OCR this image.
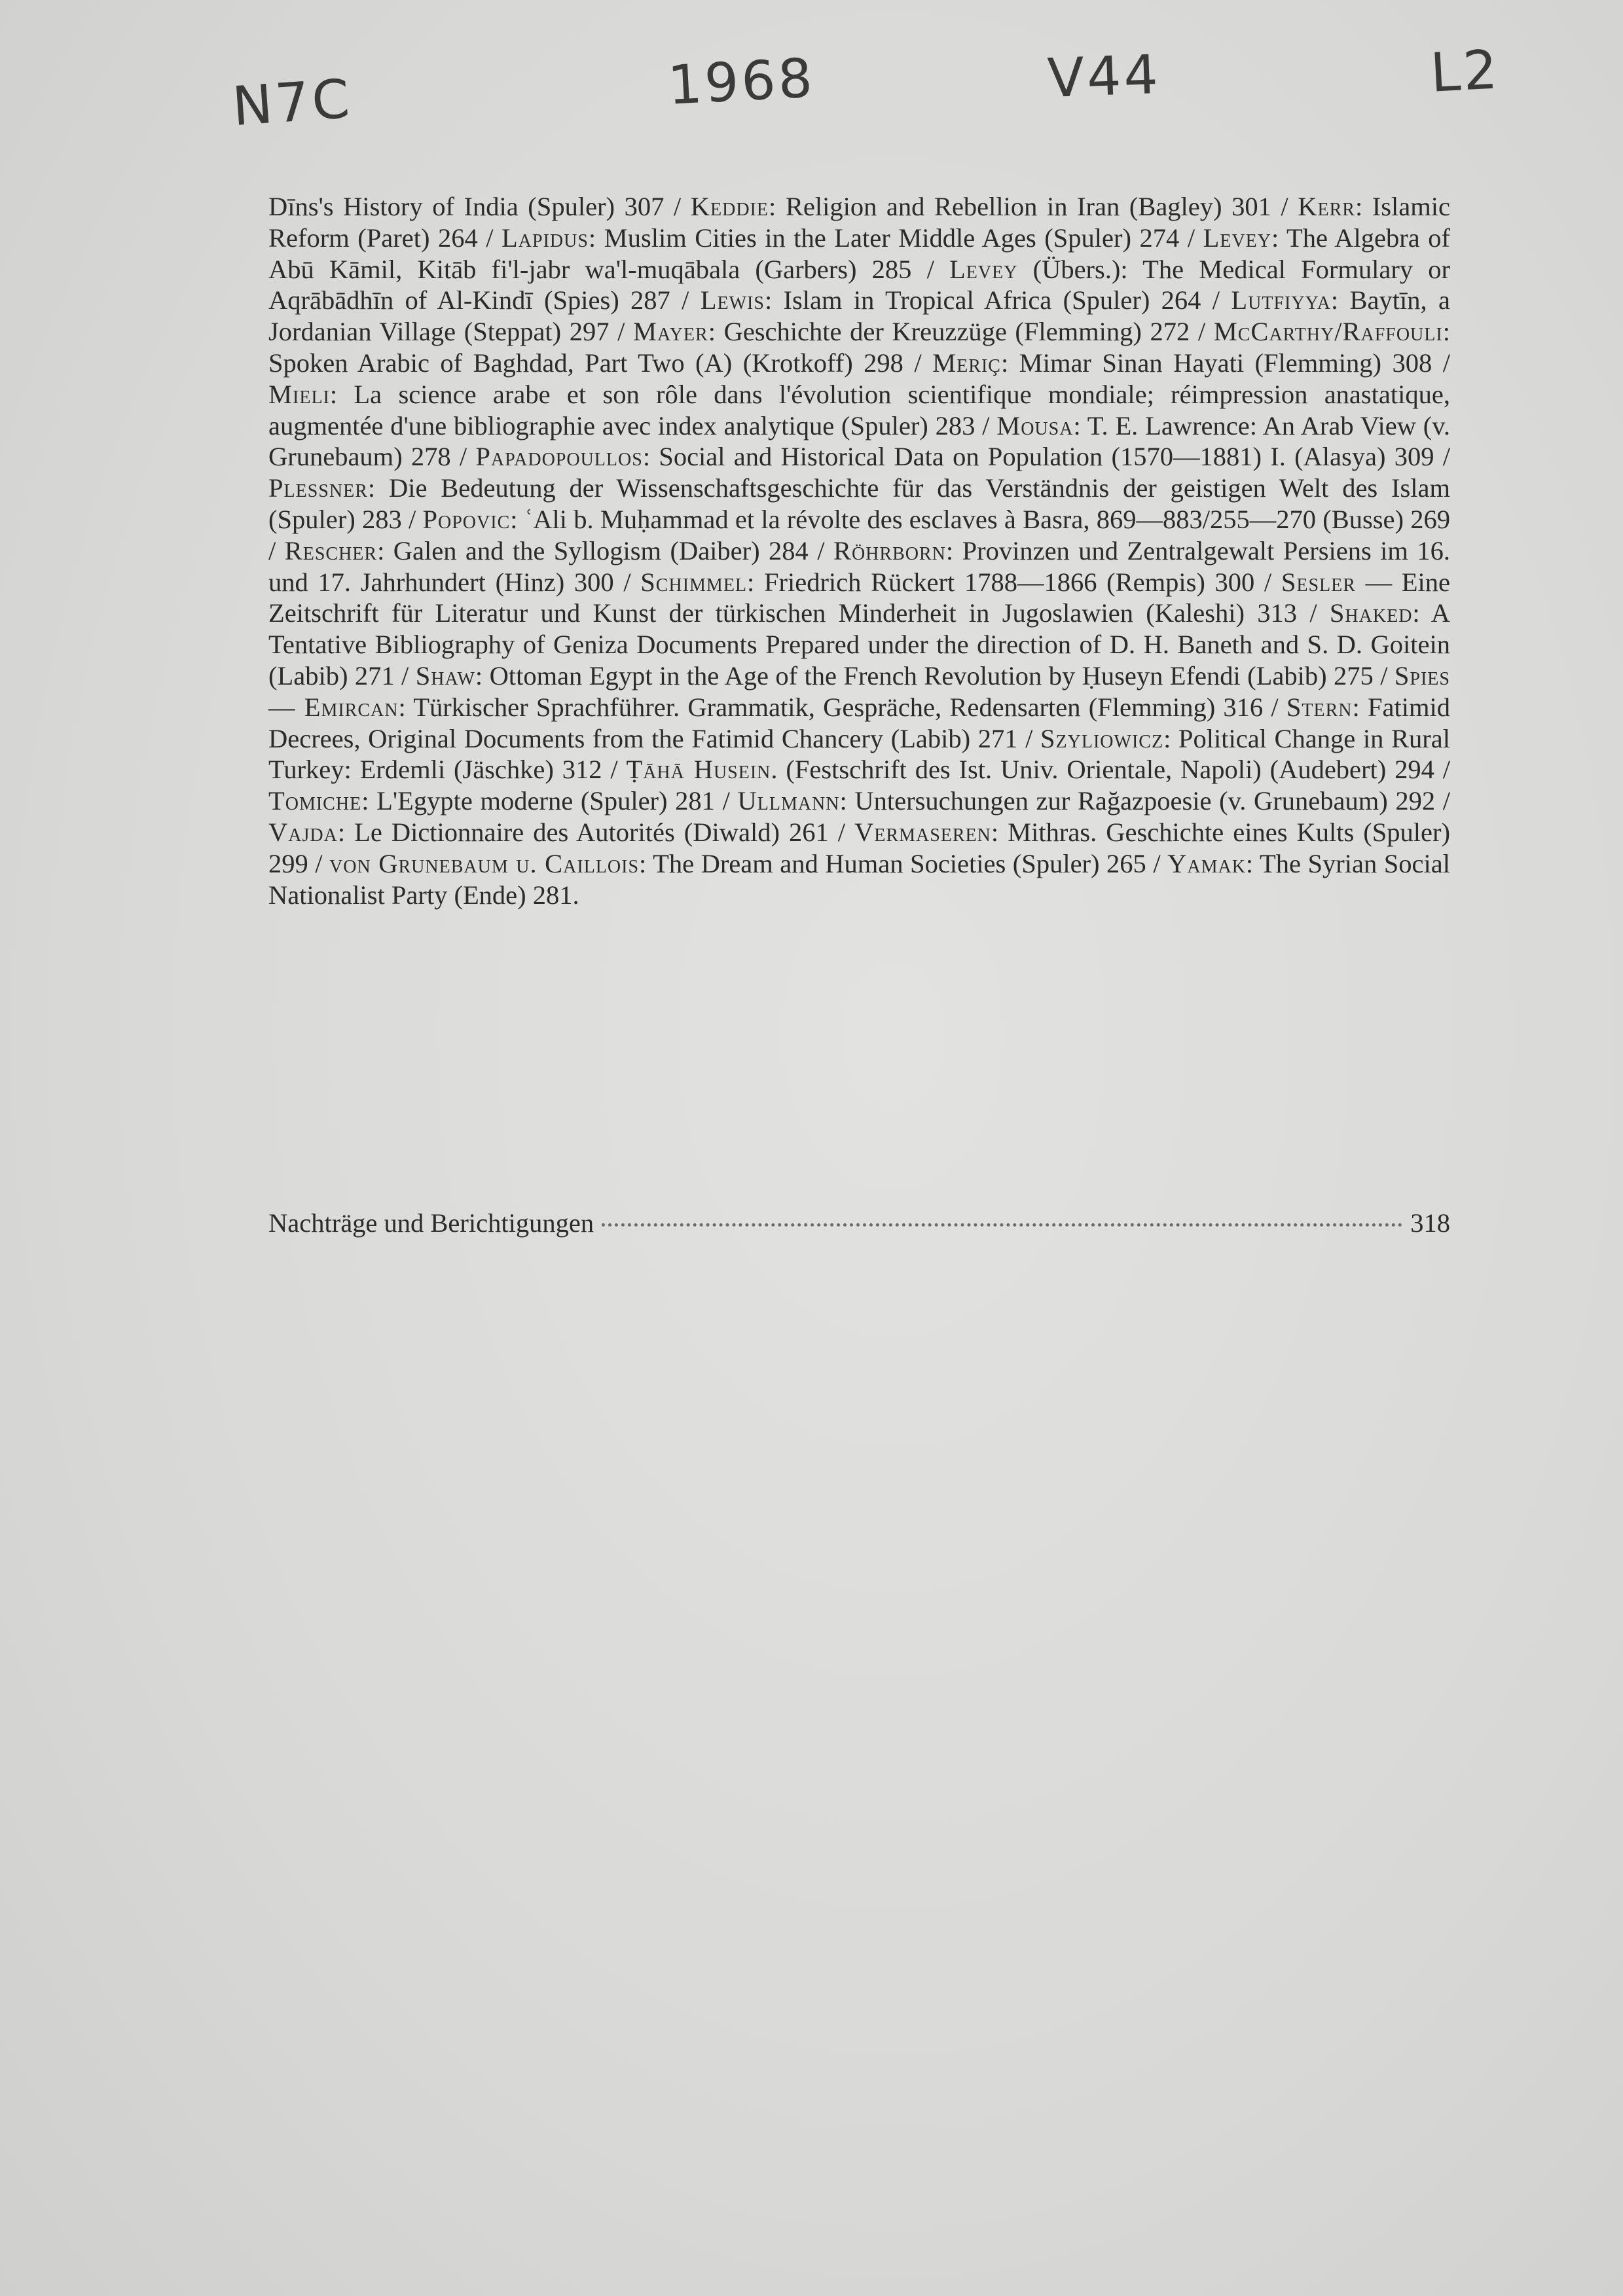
N7C	1968	V44	L2
Dīns's History of India (Spuler) 307 / Keddie: Religion and Rebellion in Iran (Bagley) 301 / Kerr: Islamic Reform (Paret) 264 / Lapidus: Muslim Cities in the Later Middle Ages (Spuler) 274 / Levey: The Algebra of Abū Kāmil, Kitāb fi'l-jabr wa'l-muqābala (Garbers) 285 / Levey (Übers.): The Medical Formulary or Aqrābādhīn of Al-Kindī (Spies) 287 / Lewis: Islam in Tropical Africa (Spuler) 264 / Lutfiyya: Baytīn, a Jordanian Village (Steppat) 297 / Mayer: Geschichte der Kreuzzüge (Flemming) 272 / McCarthy/Raffouli: Spoken Arabic of Baghdad, Part Two (A) (Krotkoff) 298 / Meriç: Mimar Sinan Hayati (Flemming) 308 / Mieli: La science arabe et son rôle dans l'évolution scientifique mondiale; réimpression anastatique, augmentée d'une bibliographie avec index analytique (Spuler) 283 / Mousa: T. E. Lawrence: An Arab View (v. Grunebaum) 278 / Papadopoullos: Social and Historical Data on Population (1570—1881) I. (Alasya) 309 / Plessner: Die Bedeutung der Wissenschaftsgeschichte für das Verständnis der geistigen Welt des Islam (Spuler) 283 / Popovic: ʿAli b. Muḥammad et la révolte des esclaves à Basra, 869—883/255—270 (Busse) 269 / Rescher: Galen and the Syllogism (Daiber) 284 / Röhrborn: Provinzen und Zentralgewalt Persiens im 16. und 17. Jahrhundert (Hinz) 300 / Schimmel: Friedrich Rückert 1788—1866 (Rempis) 300 / Sesler — Eine Zeitschrift für Literatur und Kunst der türkischen Minderheit in Jugoslawien (Kaleshi) 313 / Shaked: A Tentative Bibliography of Geniza Documents Prepared under the direction of D. H. Baneth and S. D. Goitein (Labib) 271 / Shaw: Ottoman Egypt in the Age of the French Revolution by Ḥuseyn Efendi (Labib) 275 / Spies — Emircan: Türkischer Sprachführer. Grammatik, Gespräche, Redensarten (Flemming) 316 / Stern: Fatimid Decrees, Original Documents from the Fatimid Chancery (Labib) 271 / Szyliowicz: Political Change in Rural Turkey: Erdemli (Jäschke) 312 / Ṭāhā Husein. (Festschrift des Ist. Univ. Orientale, Napoli) (Audebert) 294 / Tomiche: L'Egypte moderne (Spuler) 281 / Ullmann: Untersuchungen zur Rağazpoesie (v. Grunebaum) 292 / Vajda: Le Dictionnaire des Autorités (Diwald) 261 / Vermaseren: Mithras. Geschichte eines Kults (Spuler) 299 / von Grunebaum u. Caillois: The Dream and Human Societies (Spuler) 265 / Yamak: The Syrian Social Nationalist Party (Ende) 281.
Nachträge und Berichtigungen	318
